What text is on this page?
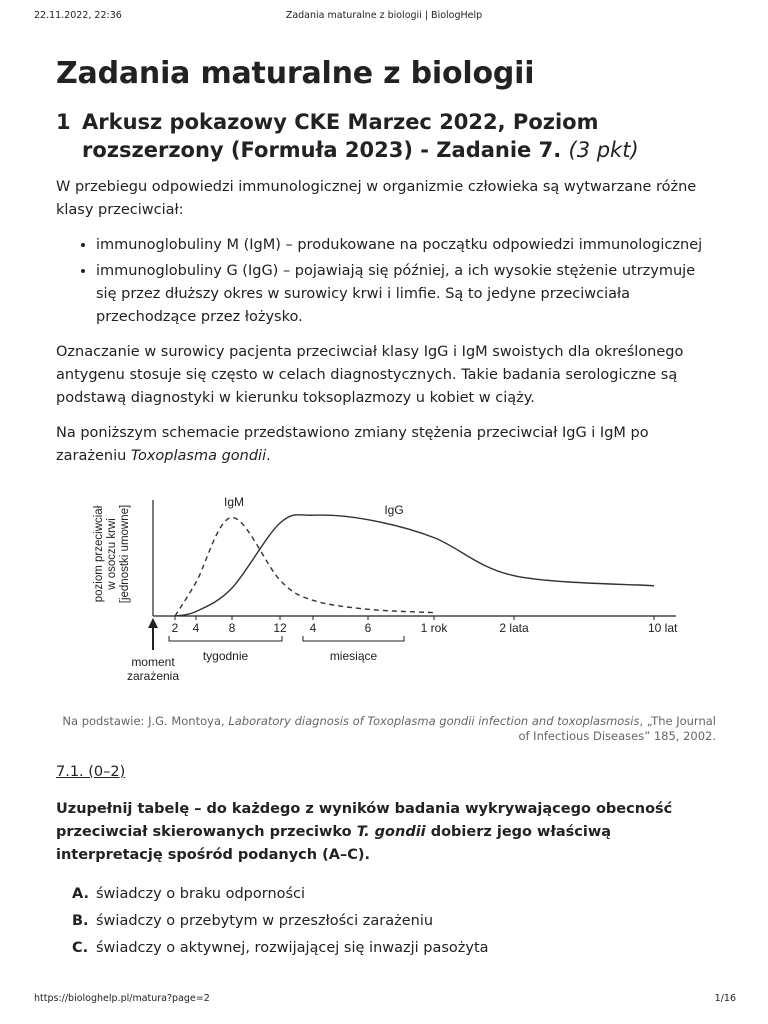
22.11.2022, 22:36	Zadania maturalne z biologii | BiologHelp
Zadania maturalne z biologii
1 Arkusz pokazowy CKE Marzec 2022, Poziom rozszerzony (Formuła 2023) - Zadanie 7. (3 pkt)

W przebiegu odpowiedzi immunologicznej w organizmie człowieka są wytwarzane różne klasy przeciwciał:

• immunoglobuliny M (IgM) – produkowane na początku odpowiedzi immunologicznej
• immunoglobuliny G (IgG) – pojawiają się później, a ich wysokie stężenie utrzymuje się przez dłuższy okres w surowicy krwi i limfie. Są to jedyne przeciwciała przechodzące przez łożysko.

Oznaczanie w surowicy pacjenta przeciwciał klasy IgG i IgM swoistych dla określonego antygenu stosuje się często w celach diagnostycznych. Takie badania serologiczne są podstawą diagnostyki w kierunku toksoplazmozy u kobiet w ciąży.

Na poniższym schemacie przedstawiono zmiany stężenia przeciwciał IgG i IgM po zarażeniu Toxoplasma gondii.

2 4 8	12 4	6	1 rok	2 lata	10 lat
poziom przeciwciał w osoczu krwi [jednostki umowne]
IgM
IgG
moment
zarażenia
tygodnie	miesiące
Na podstawie: J.G. Montoya, Laboratory diagnosis of Toxoplasma gondii infection and toxoplasmosis, „The Journal of Infectious Diseases” 185, 2002.
7.1. (0–2)
Uzupełnij tabelę – do każdego z wyników badania wykrywającego obecność przeciwciał skierowanych przeciwko T. gondii dobierz jego właściwą interpretację spośród podanych (A–C).
A. świadczy o braku odporności
B. świadczy o przebytym w przeszłości zarażeniu
C. świadczy o aktywnej, rozwijającej się inwazji pasożyta
https://biologhelp.pl/matura?page=2	1/16
